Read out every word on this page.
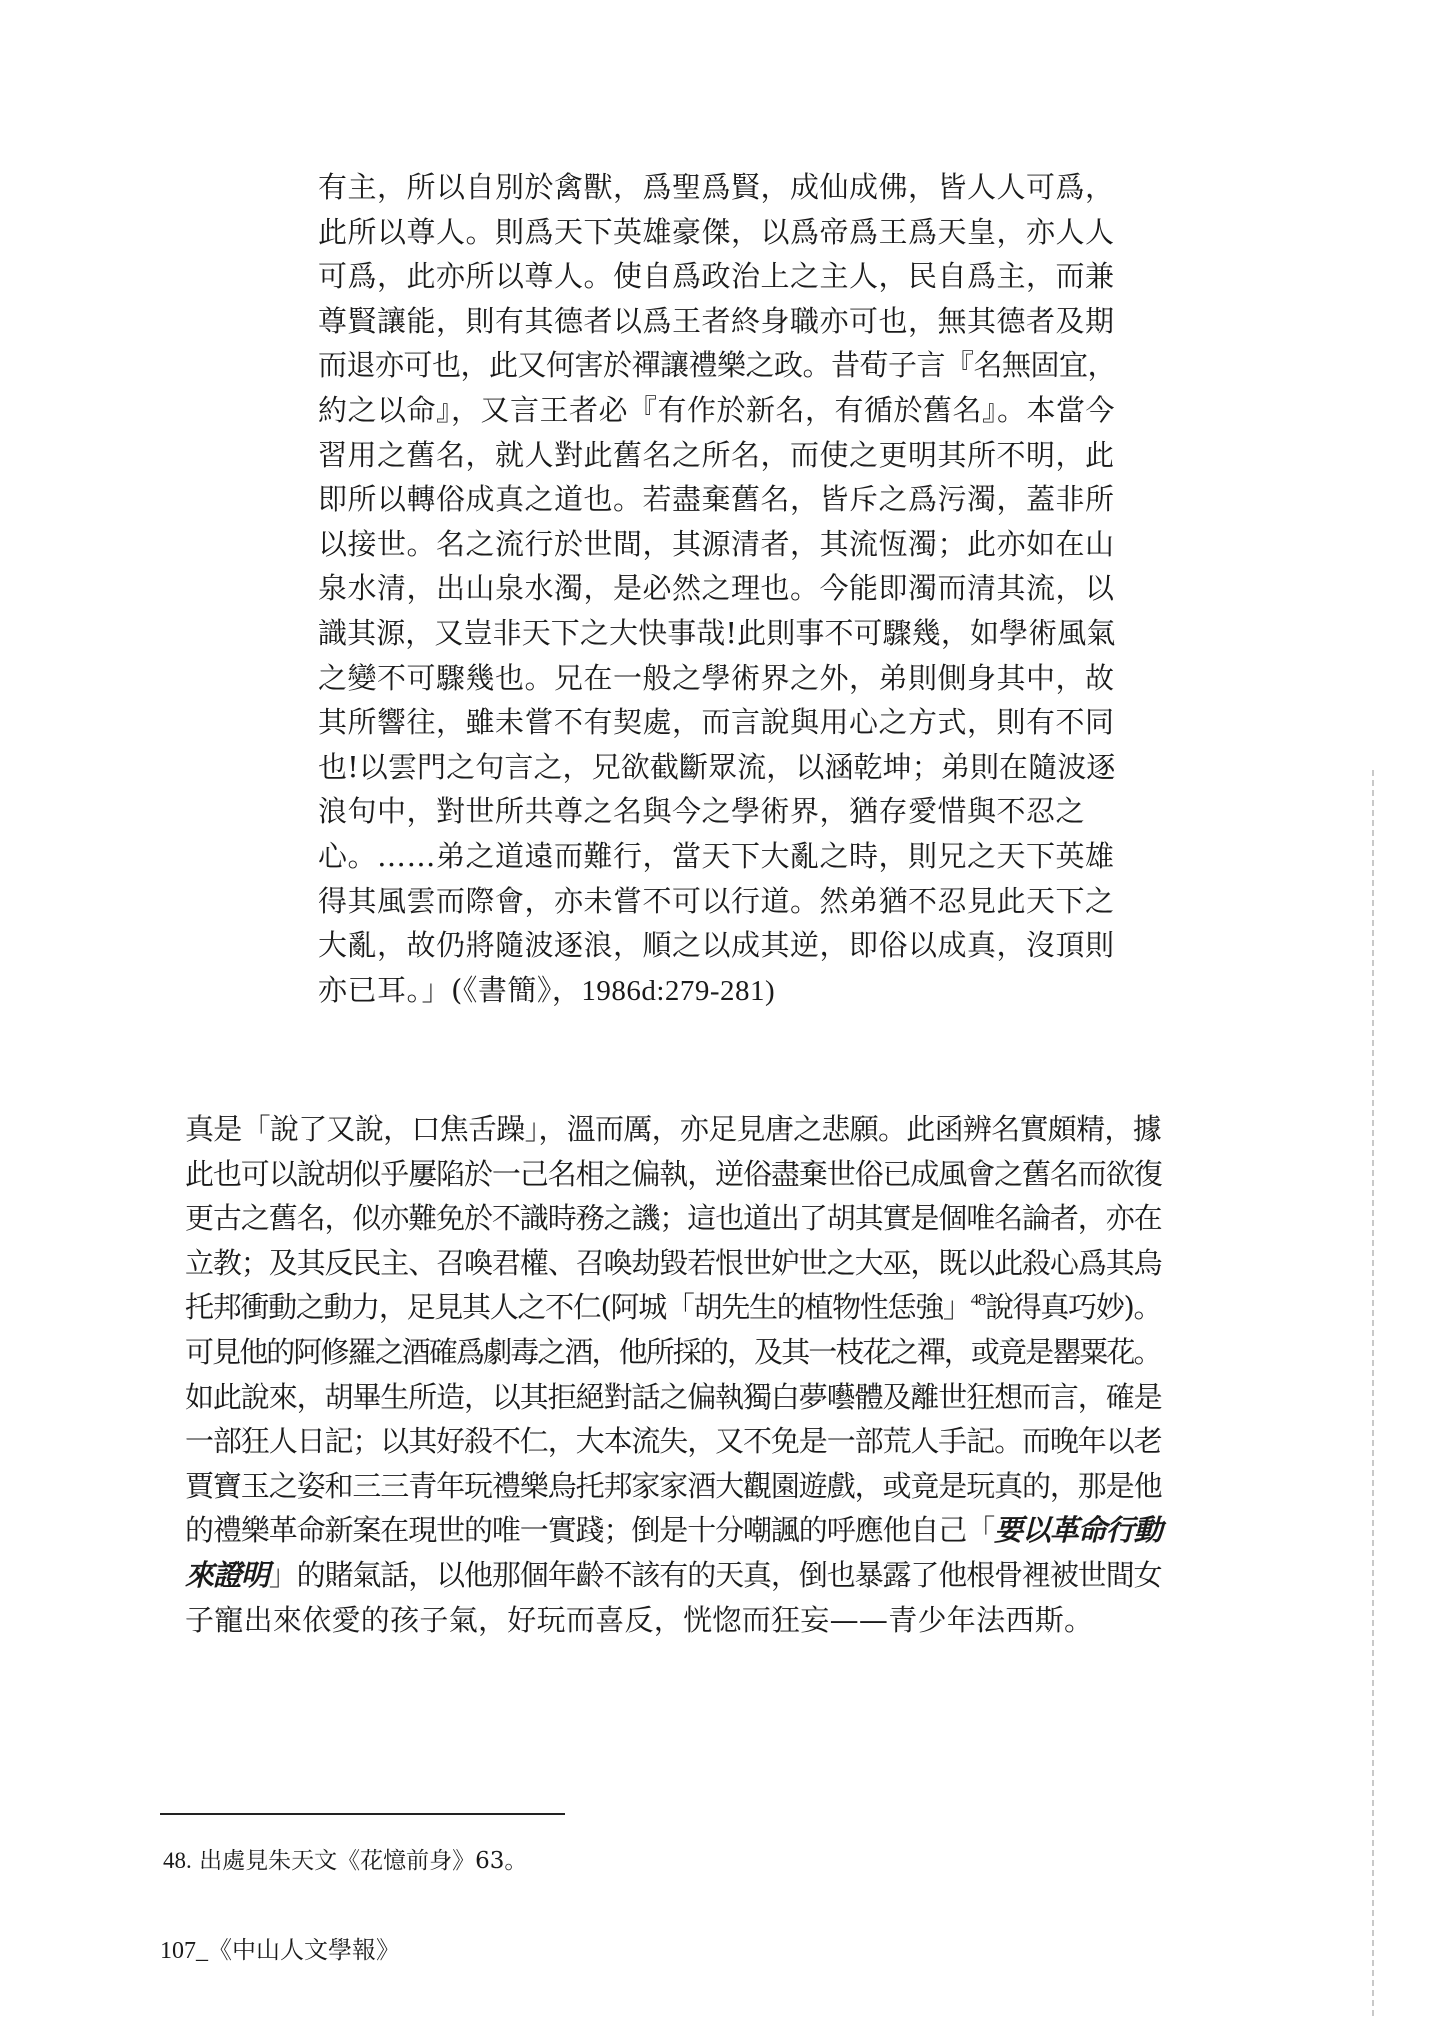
有主，所以自別於禽獸，爲聖爲賢，成仙成佛，皆人人可爲，
此所以尊人。則爲天下英雄豪傑，以爲帝爲王爲天皇，亦人人
可爲，此亦所以尊人。使自爲政治上之主人，民自爲主，而兼
尊賢讓能，則有其德者以爲王者終身職亦可也，無其德者及期
而退亦可也，此又何害於禪讓禮樂之政。昔荀子言『名無固宜，
約之以命』，又言王者必『有作於新名，有循於舊名』。本當今
習用之舊名，就人對此舊名之所名，而使之更明其所不明，此
即所以轉俗成真之道也。若盡棄舊名，皆斥之爲污濁，蓋非所
以接世。名之流行於世間，其源清者，其流恆濁；此亦如在山
泉水清，出山泉水濁，是必然之理也。今能即濁而清其流，以
識其源，又豈非天下之大快事哉!此則事不可驟幾，如學術風氣
之變不可驟幾也。兄在一般之學術界之外，弟則側身其中，故
其所響往，雖未嘗不有契處，而言說與用心之方式，則有不同
也!以雲門之句言之，兄欲截斷眾流，以涵乾坤；弟則在隨波逐
浪句中，對世所共尊之名與今之學術界，猶存愛惜與不忍之
心。……弟之道遠而難行，當天下大亂之時，則兄之天下英雄
得其風雲而際會，亦未嘗不可以行道。然弟猶不忍見此天下之
大亂，故仍將隨波逐浪，順之以成其逆，即俗以成真，沒頂則
亦已耳。」(《書簡》，1986d:279-281)
真是「說了又說，口焦舌躁」，溫而厲，亦足見唐之悲願。此函辨名實頗精，據
此也可以說胡似乎屢陷於一己名相之偏執，逆俗盡棄世俗已成風會之舊名而欲復
更古之舊名，似亦難免於不識時務之譏；這也道出了胡其實是個唯名論者，亦在
立教；及其反民主、召喚君權、召喚劫毀若恨世妒世之大巫，既以此殺心爲其烏
托邦衝動之動力，足見其人之不仁(阿城「胡先生的植物性恁強」$^{48}$說得真巧妙)。
可見他的阿修羅之酒確爲劇毒之酒，他所採的，及其一枝花之禪，或竟是罌粟花。
如此說來，胡畢生所造，以其拒絕對話之偏執獨白夢囈體及離世狂想而言，確是
一部狂人日記；以其好殺不仁，大本流失，又不免是一部荒人手記。而晚年以老
賈寶玉之姿和三三青年玩禮樂烏托邦家家酒大觀園遊戲，或竟是玩真的，那是他
的禮樂革命新案在現世的唯一實踐；倒是十分嘲諷的呼應他自己「要以革命行動
來證明」的賭氣話，以他那個年齡不該有的天真，倒也暴露了他根骨裡被世間女
子寵出來依愛的孩子氣，好玩而喜反，恍惚而狂妄——青少年法西斯。
48. 出處見朱天文《花憶前身》63。
107_《中山人文學報》
